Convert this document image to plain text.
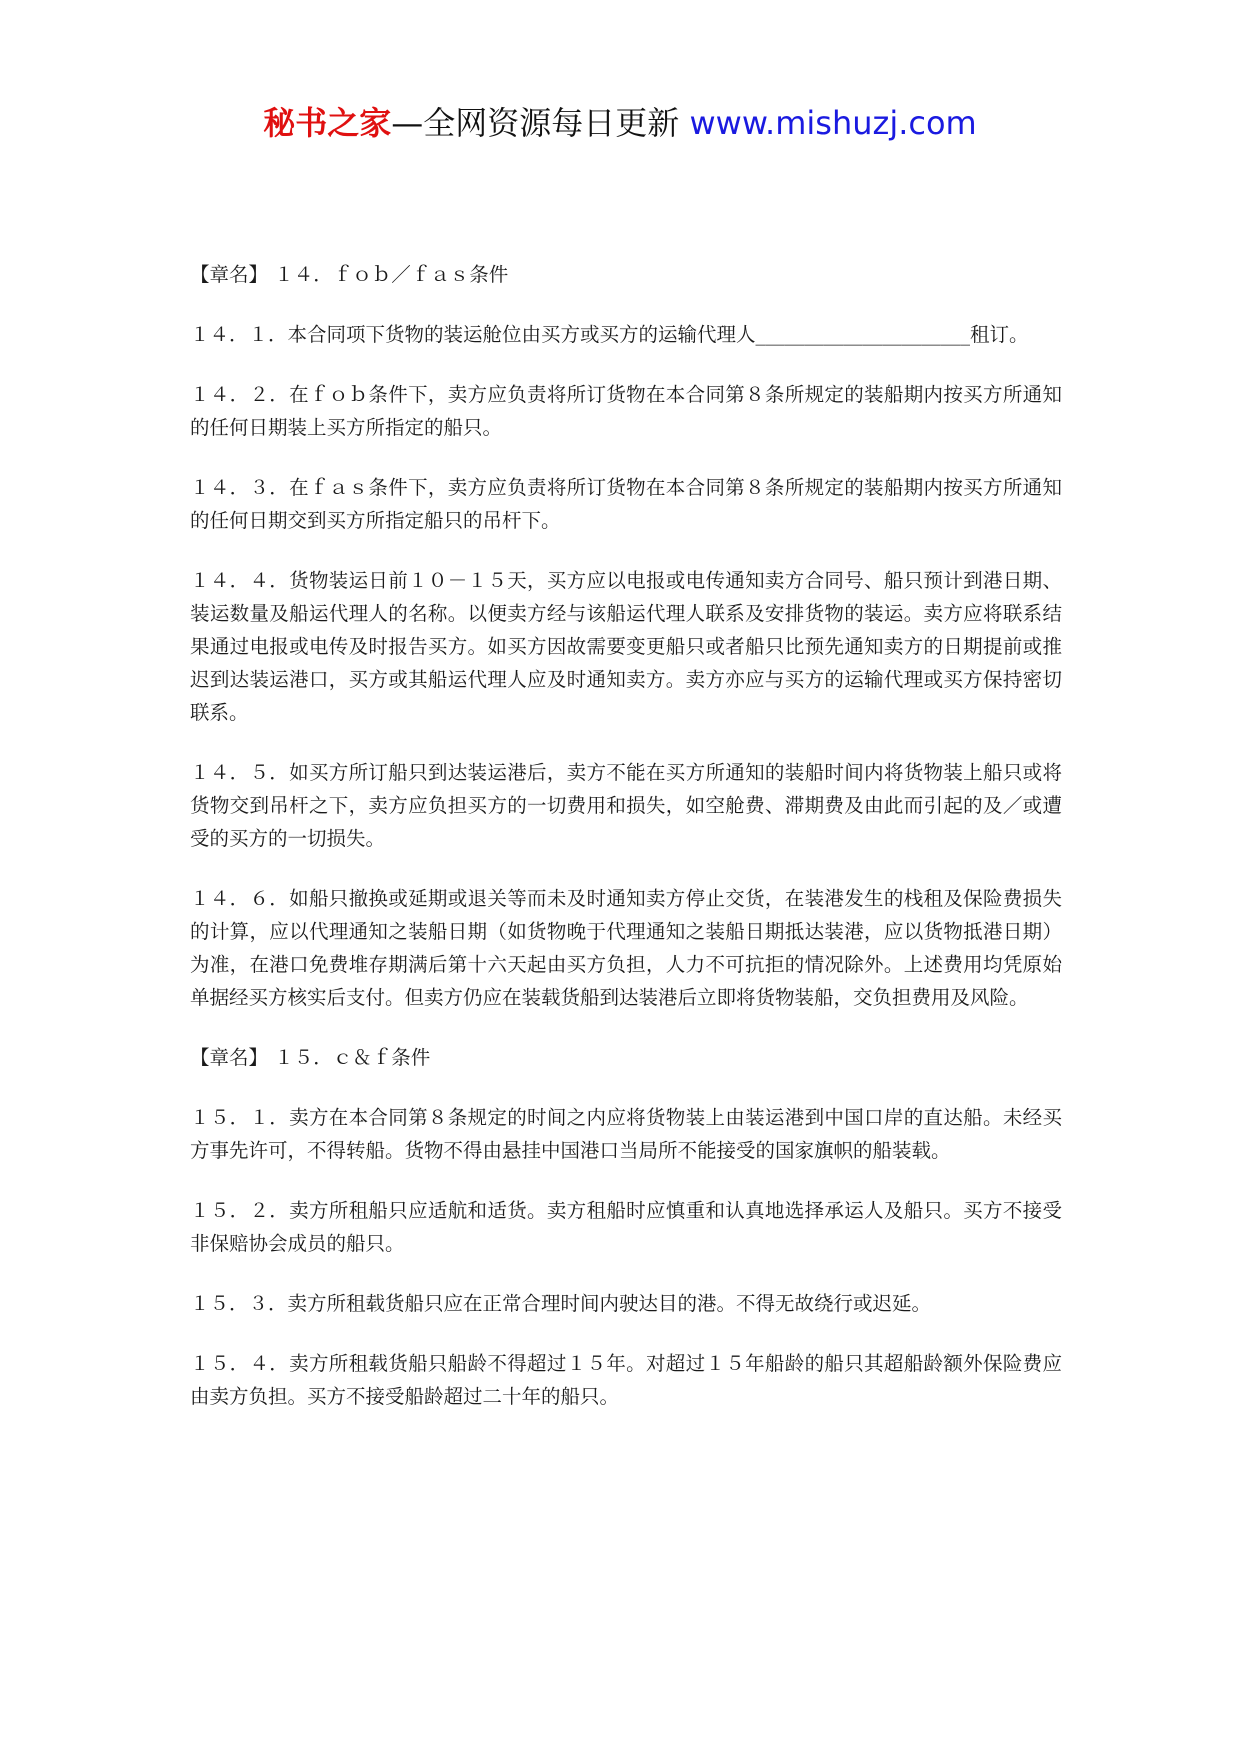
秘书之家—全网资源每日更新 www.mishuzj.com
【章名】 １４．ｆｏｂ／ｆａｓ条件

１４．１．本合同项下货物的装运舱位由买方或买方的运输代理人______________________租订。

１４．２．在ｆｏｂ条件下，卖方应负责将所订货物在本合同第８条所规定的装船期内按买方所通知的任何日期装上买方所指定的船只。

１４．３．在ｆａｓ条件下，卖方应负责将所订货物在本合同第８条所规定的装船期内按买方所通知的任何日期交到买方所指定船只的吊杆下。

１４．４．货物装运日前１０－１５天，买方应以电报或电传通知卖方合同号、船只预计到港日期、装运数量及船运代理人的名称。以便卖方经与该船运代理人联系及安排货物的装运。卖方应将联系结果通过电报或电传及时报告买方。如买方因故需要变更船只或者船只比预先通知卖方的日期提前或推迟到达装运港口，买方或其船运代理人应及时通知卖方。卖方亦应与买方的运输代理或买方保持密切联系。

１４．５．如买方所订船只到达装运港后，卖方不能在买方所通知的装船时间内将货物装上船只或将货物交到吊杆之下，卖方应负担买方的一切费用和损失，如空舱费、滞期费及由此而引起的及／或遭受的买方的一切损失。

１４．６．如船只撤换或延期或退关等而未及时通知卖方停止交货，在装港发生的栈租及保险费损失的计算，应以代理通知之装船日期（如货物晚于代理通知之装船日期抵达装港，应以货物抵港日期）为准，在港口免费堆存期满后第十六天起由买方负担，人力不可抗拒的情况除外。上述费用均凭原始单据经买方核实后支付。但卖方仍应在装载货船到达装港后立即将货物装船，交负担费用及风险。

【章名】 １５．ｃ＆ｆ条件

１５．１．卖方在本合同第８条规定的时间之内应将货物装上由装运港到中国口岸的直达船。未经买方事先许可，不得转船。货物不得由悬挂中国港口当局所不能接受的国家旗帜的船装载。

１５．２．卖方所租船只应适航和适货。卖方租船时应慎重和认真地选择承运人及船只。买方不接受非保赔协会成员的船只。

１５．３．卖方所租载货船只应在正常合理时间内驶达目的港。不得无故绕行或迟延。

１５．４．卖方所租载货船只船龄不得超过１５年。对超过１５年船龄的船只其超船龄额外保险费应由卖方负担。买方不接受船龄超过二十年的船只。
